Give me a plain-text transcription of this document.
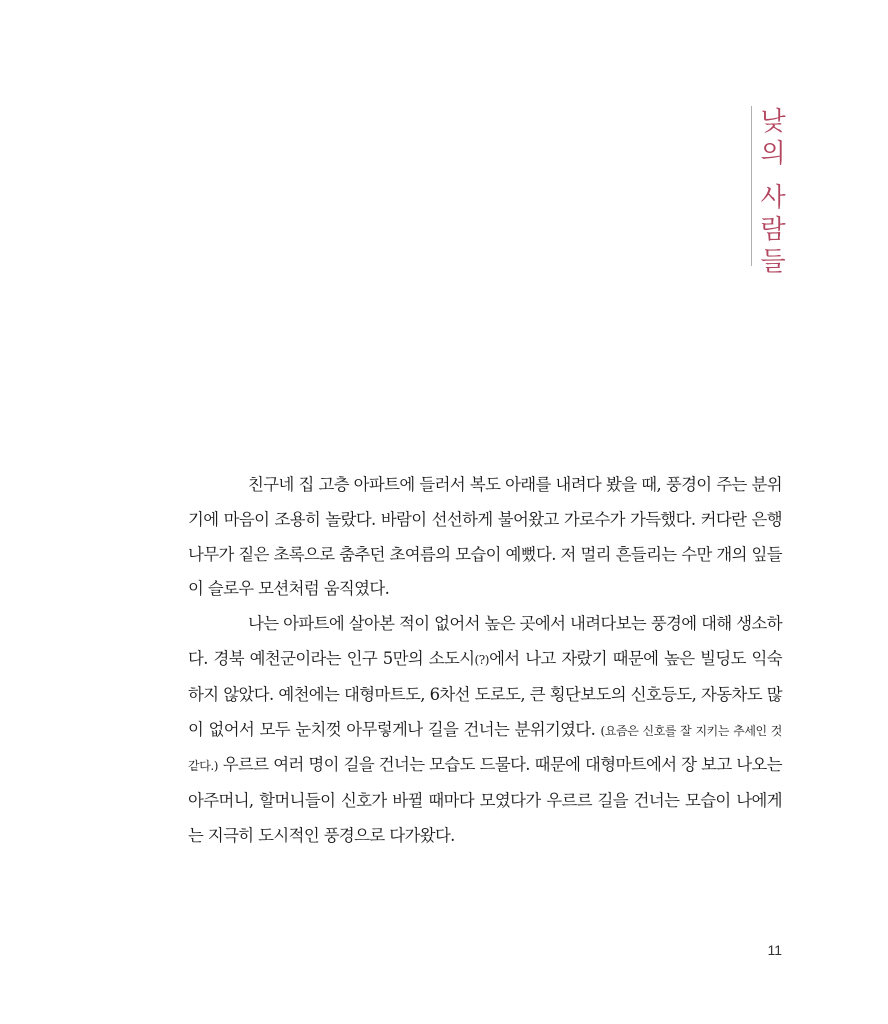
낮
의
사
람
들

친구네 집 고층 아파트에 들러서 복도 아래를 내려다 봤을 때, 풍경이 주는 분위기에 마음이 조용히 놀랐다. 바람이 선선하게 불어왔고 가로수가 가득했다. 커다란 은행나무가 짙은 초록으로 춤추던 초여름의 모습이 예뻤다. 저 멀리 흔들리는 수만 개의 잎들이 슬로우 모션처럼 움직였다.

나는 아파트에 살아본 적이 없어서 높은 곳에서 내려다보는 풍경에 대해 생소하다. 경북 예천군이라는 인구 5만의 소도시(?)에서 나고 자랐기 때문에 높은 빌딩도 익숙하지 않았다. 예천에는 대형마트도, 6차선 도로도, 큰 횡단보도의 신호등도, 자동차도 많이 없어서 모두 눈치껏 아무렇게나 길을 건너는 분위기였다. (요즘은 신호를 잘 지키는 추세인 것 같다.) 우르르 여러 명이 길을 건너는 모습도 드물다. 때문에 대형마트에서 장 보고 나오는 아주머니, 할머니들이 신호가 바뀔 때마다 모였다가 우르르 길을 건너는 모습이 나에게는 지극히 도시적인 풍경으로 다가왔다.

11
